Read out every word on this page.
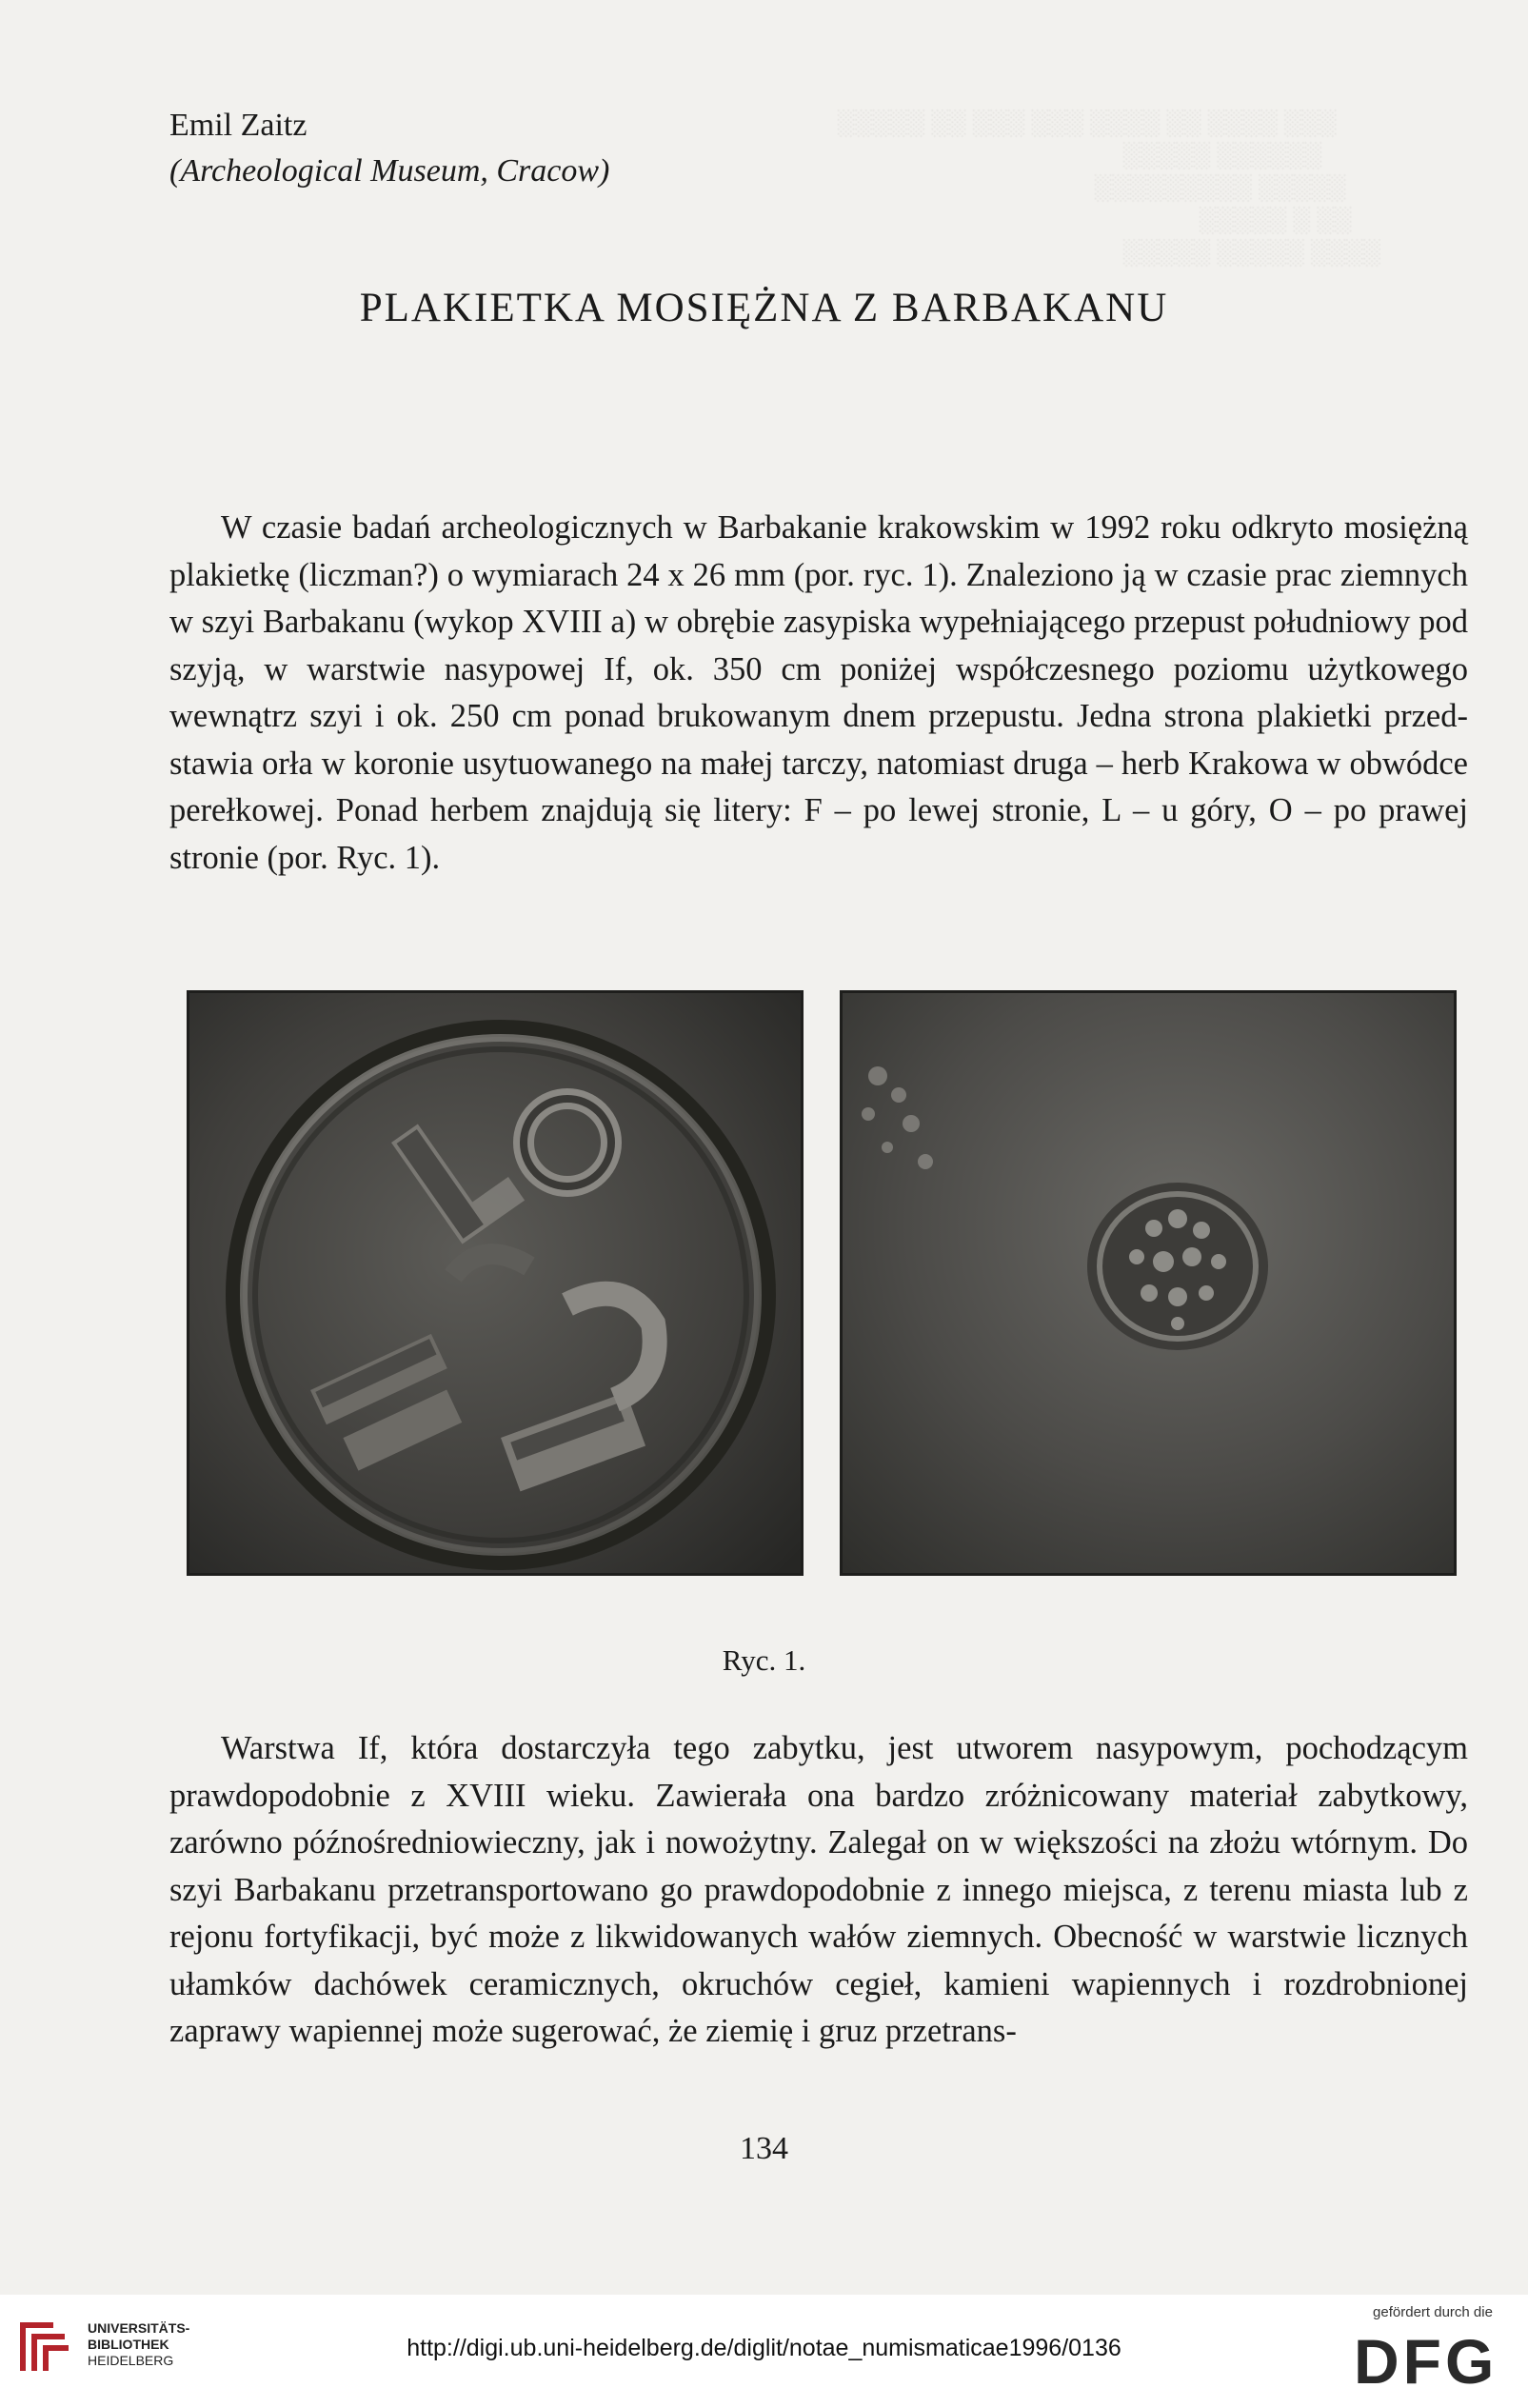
░░░ ░░░░ ░░ ░░░░ ░░░ ░░░ ░░ ░░░░░
░░░░░░ ░░░░░
░░░░░ ░░░░░░░░░
░░ ░ ░░░░░
░░░░ ░░░░░ ░░░░░
Emil Zaitz
(Archeological Museum, Cracow)
PLAKIETKA MOSIĘŻNA Z BARBAKANU

W czasie badań archeologicznych w Barbakanie krakowskim w 1992 roku odkryto mosiężną plakietkę (liczman?) o wymiarach 24 x 26 mm (por. ryc. 1). Znaleziono ją w czasie prac ziemnych w szyi Barbakanu (wykop XVIII a) w obrębie zasypiska wypełniającego przepust południowy pod szyją, w warstwie nasypowej If, ok. 350 cm poniżej współczesnego poziomu użytkowego wewnątrz szyi i ok. 250 cm ponad brukowanym dnem przepustu. Jedna strona plakietki przedstawia orła w koronie usytuowanego na małej tarczy, natomiast druga – herb Krakowa w obwódce perełkowej. Ponad herbem znajdują się litery: F – po lewej stronie, L – u góry, O – po prawej stronie (por. Ryc. 1).

Ryc. 1.

Warstwa If, która dostarczyła tego zabytku, jest utworem nasypowym, pochodzącym prawdopodobnie z XVIII wieku. Zawierała ona bardzo zróżnicowany materiał zabytkowy, zarówno późnośredniowieczny, jak i nowożytny. Zalegał on w większości na złożu wtórnym. Do szyi Barbakanu przetransportowano go prawdopodobnie z innego miejsca, z terenu miasta lub z rejonu fortyfikacji, być może z likwidowanych wałów ziemnych. Obecność w warstwie licznych ułamków dachówek ceramicznych, okruchów cegieł, kamieni wapiennych i rozdrobnionej zaprawy wapiennej może sugerować, że ziemię i gruz przetrans-

134
UNIVERSITÄTS-
BIBLIOTHEK
HEIDELBERG	http://digi.ub.uni-heidelberg.de/diglit/notae_numismaticae1996/0136
gefördert durch die
DFG
